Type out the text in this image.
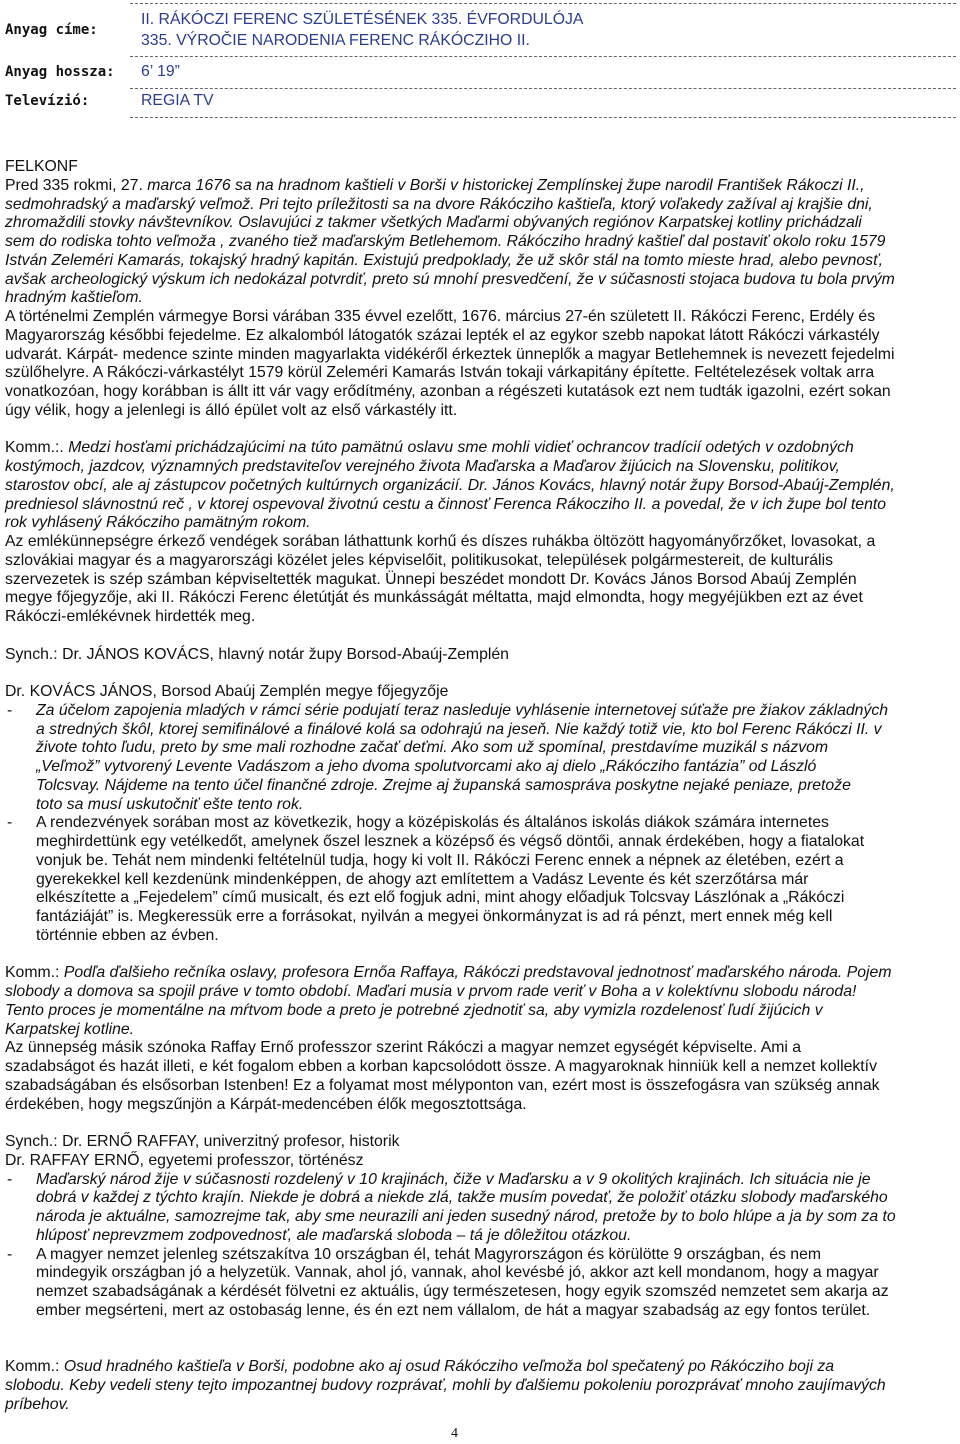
Anyag címe:
II. RÁKÓCZI FERENC SZÜLETÉSÉNEK 335. ÉVFORDULÓJA
335. VÝROČIE NARODENIA FERENC RÁKÓCZIHO II.
Anyag hossza: 6’ 19”
Televízió:	REGIA TV
FELKONF
Pred 335 rokmi, 27. marca 1676 sa na hradnom kaštieli v Borši v historickej Zemplínskej župe narodil František Rákoczi II.,
sedmohradský a maďarský veľmož. Pri tejto príležitosti sa na dvore Rákócziho kaštieľa, ktorý voľakedy zažíval aj krajšie dni,
zhromaždili stovky návštevníkov. Oslavujúci z takmer všetkých Maďarmi obývaných regiónov Karpatskej kotliny prichádzali
sem do rodiska tohto veľmoža , zvaného tiež maďarským Betlehemom. Rákócziho hradný kaštieľ dal postaviť okolo roku 1579
István Zeleméri Kamarás, tokajský hradný kapitán. Existujú predpoklady, že už skôr stál na tomto mieste hrad, alebo pevnosť,
avšak archeologický výskum ich nedokázal potvrdiť, preto sú mnohí presvedčení, že v súčasnosti stojaca budova tu bola prvým
hradným kaštieľom.
A történelmi Zemplén vármegye Borsi várában 335 évvel ezelőtt, 1676. március 27-én született II. Rákóczi Ferenc, Erdély és
Magyarország későbbi fejedelme. Ez alkalomból látogatók százai lepték el az egykor szebb napokat látott Rákóczi várkastély
udvarát. Kárpát- medence szinte minden magyarlakta vidékéről érkeztek ünneplők a magyar Betlehemnek is nevezett fejedelmi
szülőhelyre. A Rákóczi-várkastélyt 1579 körül Zeleméri Kamarás István tokaji várkapitány építette. Feltételezések voltak arra
vonatkozóan, hogy korábban is állt itt vár vagy erődítmény, azonban a régészeti kutatások ezt nem tudták igazolni, ezért sokan
úgy vélik, hogy a jelenlegi is álló épület volt az első várkastély itt.
Komm.:. Medzi hosťami prichádzajúcimi na túto pamätnú oslavu sme mohli vidieť ochrancov tradícií odetých v ozdobných
kostýmoch, jazdcov, významných predstaviteľov verejného života Maďarska a Maďarov žijúcich na Slovensku, politikov,
starostov obcí, ale aj zástupcov početných kultúrnych organizácií. Dr. János Kovács, hlavný notár župy Borsod-Abaúj-Zemplén,
predniesol slávnostnú reč , v ktorej ospevoval životnú cestu a činnosť Ferenca Rákocziho II. a povedal, že v ich župe bol tento
rok vyhlásený Rákócziho pamätným rokom.
Az emlékünnepségre érkező vendégek sorában láthattunk korhű és díszes ruhákba öltözött hagyományőrzőket, lovasokat, a
szlovákiai magyar és a magyarországi közélet jeles képviselőit, politikusokat, települések polgármestereit, de kulturális
szervezetek is szép számban képviseltették magukat. Ünnepi beszédet mondott Dr. Kovács János Borsod Abaúj Zemplén
megye főjegyzője, aki II. Rákóczi Ferenc életútját és munkásságát méltatta, majd elmondta, hogy megyéjükben ezt az évet
Rákóczi-emlékévnek hirdették meg.
Synch.: Dr. JÁNOS KOVÁCS, hlavný notár župy Borsod-Abaúj-Zemplén
Dr. KOVÁCS JÁNOS, Borsod Abaúj Zemplén megye főjegyzője
- Za účelom zapojenia mladých v rámci série podujatí teraz nasleduje vyhlásenie internetovej súťaže pre žiakov základných
a stredných škôl, ktorej semifinálové a finálové kolá sa odohrajú na jeseň. Nie každý totiž vie, kto bol Ferenc Rákóczi II. v
živote tohto ľudu, preto by sme mali rozhodne začať deťmi. Ako som už spomínal, prestdavíme muzikál s názvom
„Veľmož” vytvorený Levente Vadászom a jeho dvoma spolutvorcami ako aj dielo „Rákócziho fantázia” od László
Tolcsvay. Nájdeme na tento účel finančné zdroje. Zrejme aj županská samospráva poskytne nejaké peniaze, pretože
toto sa musí uskutočniť ešte tento rok.
- A rendezvények sorában most az következik, hogy a középiskolás és általános iskolás diákok számára internetes
meghirdettünk egy vetélkedőt, amelynek őszel lesznek a középső és végső döntői, annak érdekében, hogy a fiatalokat
vonjuk be. Tehát nem mindenki feltételnül tudja, hogy ki volt II. Rákóczi Ferenc ennek a népnek az életében, ezért a
gyerekekkel kell kezdenünk mindenképpen, de ahogy azt említettem a Vadász Levente és két szerzőtársa már
elkészítette a „Fejedelem” című musicalt, és ezt elő fogjuk adni, mint ahogy előadjuk Tolcsvay Lászlónak a „Rákóczi
fantáziáját” is. Megkeressük erre a forrásokat, nyilván a megyei önkormányzat is ad rá pénzt, mert ennek még kell
történnie ebben az évben.
Komm.: Podľa ďalšieho rečníka oslavy, profesora Ernőa Raffaya, Rákóczi predstavoval jednotnosť maďarského národa. Pojem
slobody a domova sa spojil práve v tomto období. Maďari musia v prvom rade veriť v Boha a v kolektívnu slobodu národa!
Tento proces je momentálne na mŕtvom bode a preto je potrebné zjednotiť sa, aby vymizla rozdelenosť ľudí žijúcich v
Karpatskej kotline.
Az ünnepség másik szónoka Raffay Ernő professzor szerint Rákóczi a magyar nemzet egységét képviselte. Ami a
szadabságot és hazát illeti, e két fogalom ebben a korban kapcsolódott össze. A magyaroknak hinniük kell a nemzet kollektív
szabadságában és elsősorban Istenben! Ez a folyamat most mélyponton van, ezért most is összefogásra van szükség annak
érdekében, hogy megszűnjön a Kárpát-medencében élők megosztottsága.
Synch.: Dr. ERNŐ RAFFAY, univerzitný profesor, historik
Dr. RAFFAY ERNŐ, egyetemi professzor, történész
- Maďarský národ žije v súčasnosti rozdelený v 10 krajinách, čiže v Maďarsku a v 9 okolitých krajinách. Ich situácia nie je
dobrá v každej z týchto krajín. Niekde je dobrá a niekde zlá, takže musím povedať, že položiť otázku slobody maďarského
národa je aktuálne, samozrejme tak, aby sme neurazili ani jeden susedný národ, pretože by to bolo hlúpe a ja by som za to
hlúposť neprevzmem zodpovednosť, ale maďarská sloboda – tá je dôležitou otázkou.
- A magyer nemzet jelenleg szétszakítva 10 országban él, tehát Magyrországon és körülötte 9 országban, és nem
mindegyik országban jó a helyzetük. Vannak, ahol jó, vannak, ahol kevésbé jó, akkor azt kell mondanom, hogy a magyar
nemzet szabadságának a kérdését fölvetni ez aktuális, úgy természetesen, hogy egyik szomszéd nemzetet sem akarja az
ember megsérteni, mert az ostobaság lenne, és én ezt nem vállalom, de hát a magyar szabadság az egy fontos terület.
Komm.: Osud hradného kaštieľa v Borši, podobne ako aj osud Rákócziho veľmoža bol spečatený po Rákócziho boji za
slobodu. Keby vedeli steny tejto impozantnej budovy rozprávať, mohli by ďalšiemu pokoleniu porozprávať mnoho zaujímavých
príbehov.
4
